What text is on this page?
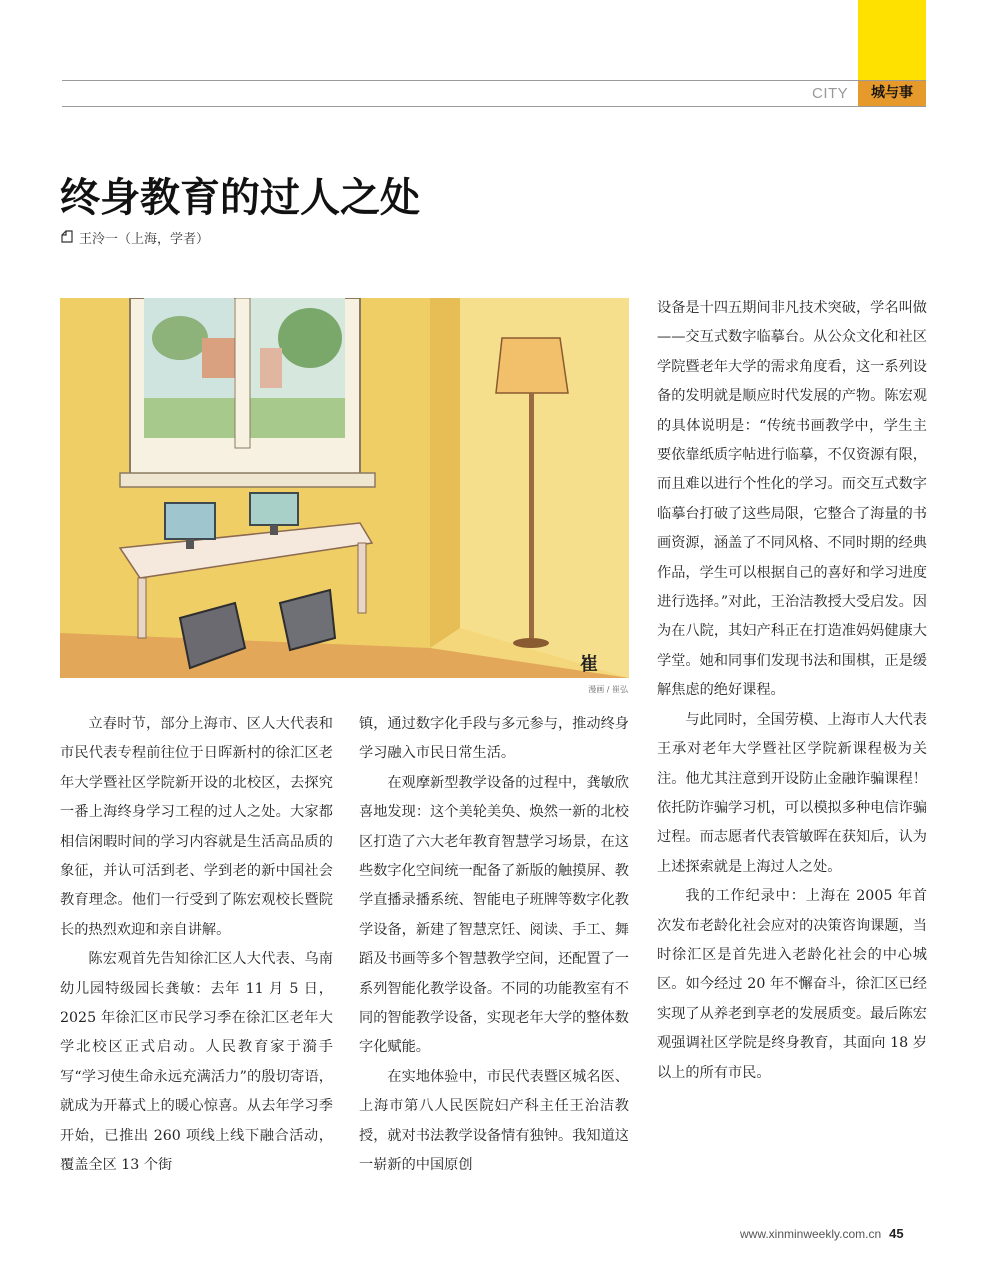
CITY	城与事
终身教育的过人之处
王泠一（上海，学者）
崔
漫画 / 崔弘

立春时节，部分上海市、区人大代表和市民代表专程前往位于日晖新村的徐汇区老年大学暨社区学院新开设的北校区，去探究一番上海终身学习工程的过人之处。大家都相信闲暇时间的学习内容就是生活高品质的象征，并认可活到老、学到老的新中国社会教育理念。他们一行受到了陈宏观校长暨院长的热烈欢迎和亲自讲解。

陈宏观首先告知徐汇区人大代表、乌南幼儿园特级园长龚敏：去年 11 月 5 日，2025 年徐汇区市民学习季在徐汇区老年大学北校区正式启动。人民教育家于漪手写“学习使生命永远充满活力”的殷切寄语，就成为开幕式上的暖心惊喜。从去年学习季开始，已推出 260 项线上线下融合活动，覆盖全区 13 个街

镇，通过数字化手段与多元参与，推动终身学习融入市民日常生活。

在观摩新型教学设备的过程中，龚敏欣喜地发现：这个美轮美奂、焕然一新的北校区打造了六大老年教育智慧学习场景，在这些数字化空间统一配备了新版的触摸屏、教学直播录播系统、智能电子班牌等数字化教学设备，新建了智慧烹饪、阅读、手工、舞蹈及书画等多个智慧教学空间，还配置了一系列智能化教学设备。不同的功能教室有不同的智能教学设备，实现老年大学的整体数字化赋能。

在实地体验中，市民代表暨区城名医、上海市第八人民医院妇产科主任王治洁教授，就对书法教学设备情有独钟。我知道这一崭新的中国原创

设备是十四五期间非凡技术突破，学名叫做——交互式数字临摹台。从公众文化和社区学院暨老年大学的需求角度看，这一系列设备的发明就是顺应时代发展的产物。陈宏观的具体说明是：“传统书画教学中，学生主要依靠纸质字帖进行临摹，不仅资源有限，而且难以进行个性化的学习。而交互式数字临摹台打破了这些局限，它整合了海量的书画资源，涵盖了不同风格、不同时期的经典作品，学生可以根据自己的喜好和学习进度进行选择。”对此，王治洁教授大受启发。因为在八院，其妇产科正在打造准妈妈健康大学堂。她和同事们发现书法和围棋，正是缓解焦虑的绝好课程。

与此同时，全国劳模、上海市人大代表王承对老年大学暨社区学院新课程极为关注。他尤其注意到开设防止金融诈骗课程！依托防诈骗学习机，可以模拟多种电信诈骗过程。而志愿者代表管敏晖在获知后，认为上述探索就是上海过人之处。

我的工作纪录中：上海在 2005 年首次发布老龄化社会应对的决策咨询课题，当时徐汇区是首先进入老龄化社会的中心城区。如今经过 20 年不懈奋斗，徐汇区已经实现了从养老到享老的发展质变。最后陈宏观强调社区学院是终身教育，其面向 18 岁以上的所有市民。

www.xinminweekly.com.cn 45
